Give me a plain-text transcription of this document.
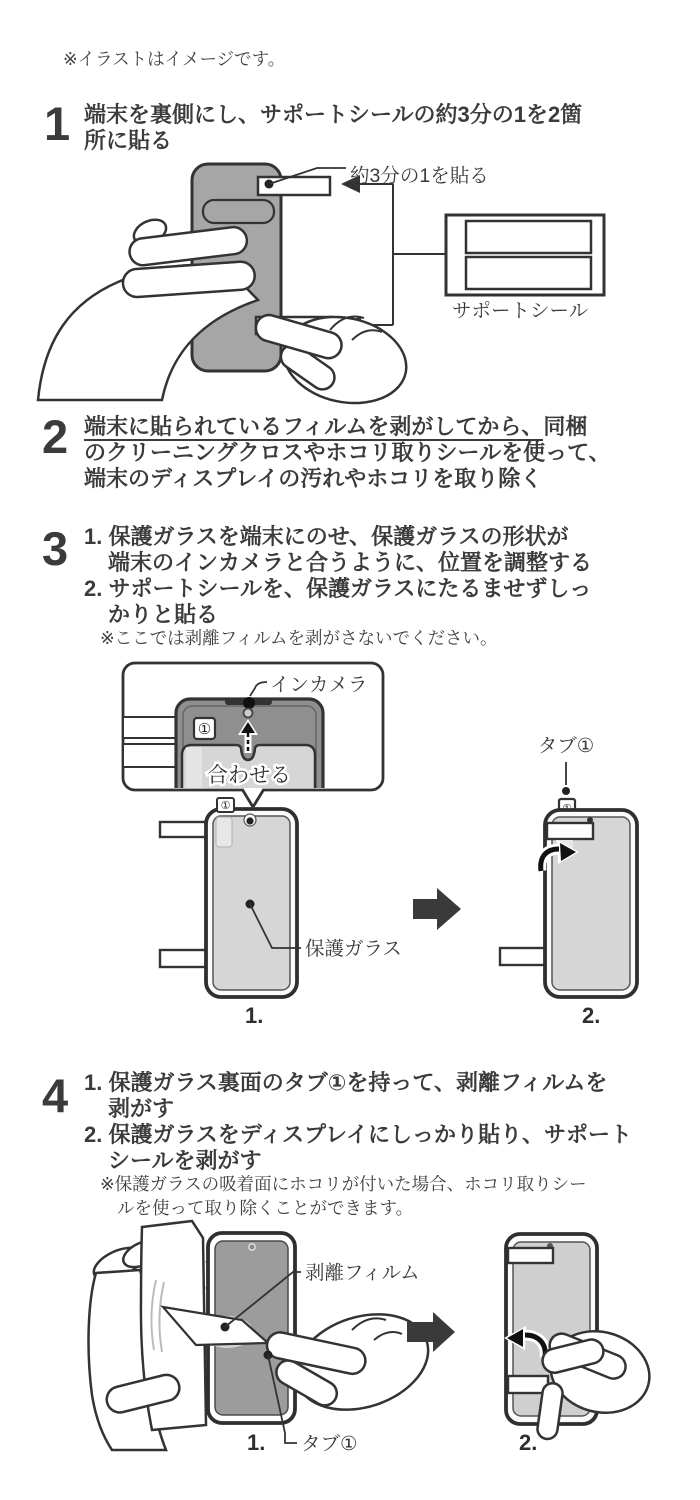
※イラストはイメージです。
1 端末を裏側にし、サポートシールの約3分の1を2箇
所に貼る
約3分の1を貼る
サポートシール
2 端末に貼られているフィルムを剥がしてから、同梱
のクリーニングクロスやホコリ取りシールを使って、
端末のディスプレイの汚れやホコリを取り除く
3 1. 保護ガラスを端末にのせ、保護ガラスの形状が
端末のインカメラと合うように、位置を調整する
2. サポートシールを、保護ガラスにたるませずしっ
かりと貼る
※ここでは剥離フィルムを剥がさないでください。
①
合わせる
インカメラ
①
保護ガラス
1.
タブ①
2.
4 1. 保護ガラス裏面のタブ①を持って、剥離フィルムを
剥がす
2. 保護ガラスをディスプレイにしっかり貼り、サポート
シールを剥がす
※保護ガラスの吸着面にホコリが付いた場合、ホコリ取りシー
ルを使って取り除くことができます。
剥離フィルム
タブ①
1.	2.
